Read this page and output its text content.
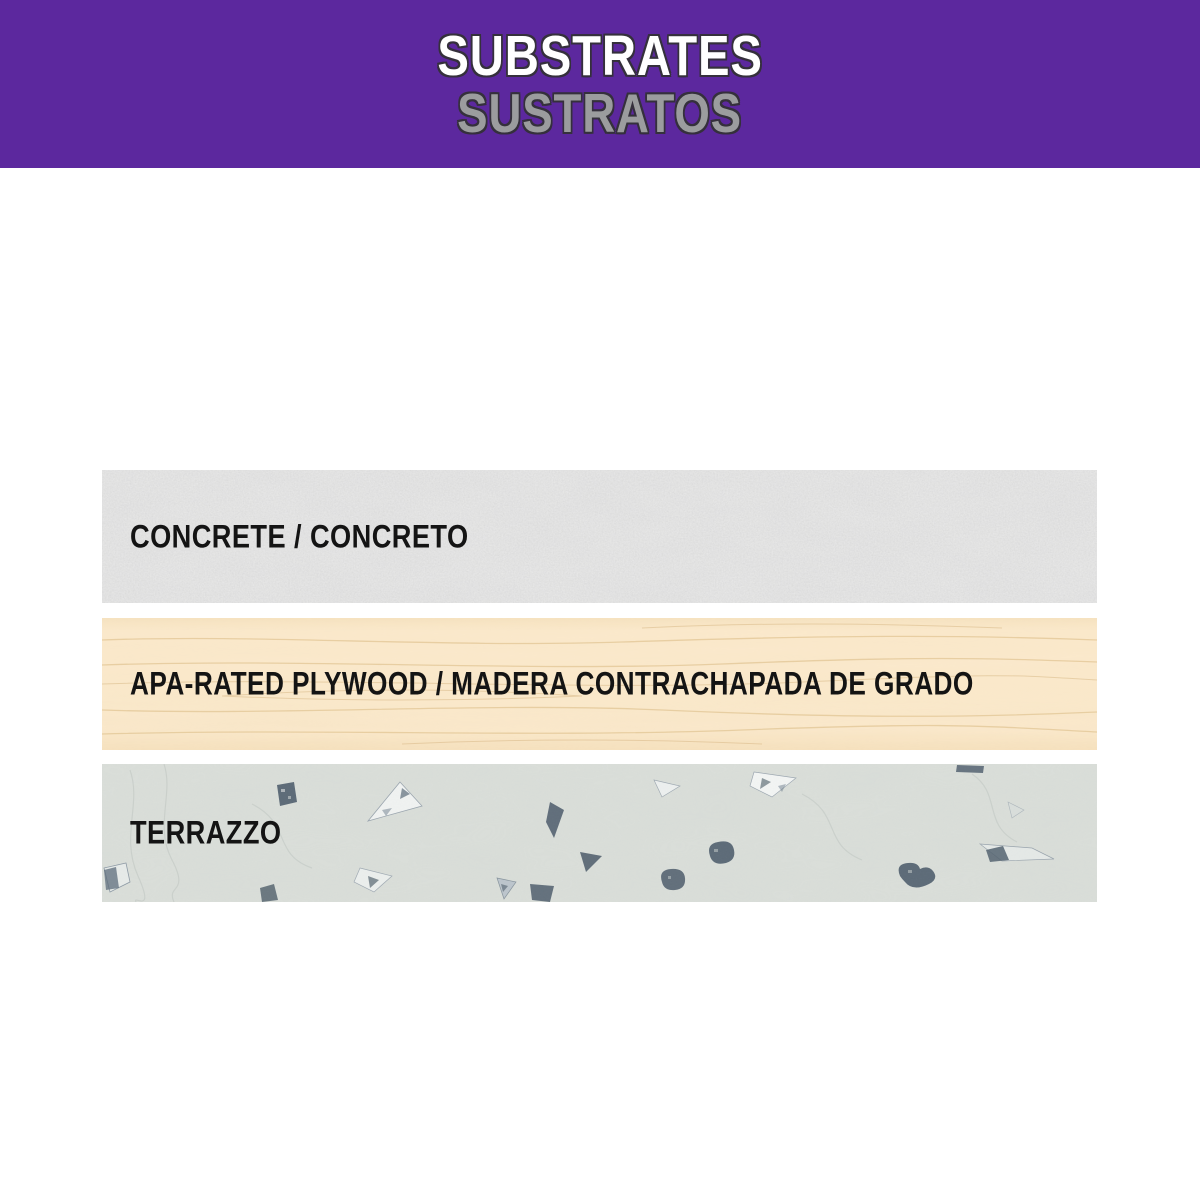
SUBSTRATES
SUSTRATOS
CONCRETE / CONCRETO
APA-RATED PLYWOOD / MADERA CONTRACHAPADA DE GRADO
TERRAZZO
